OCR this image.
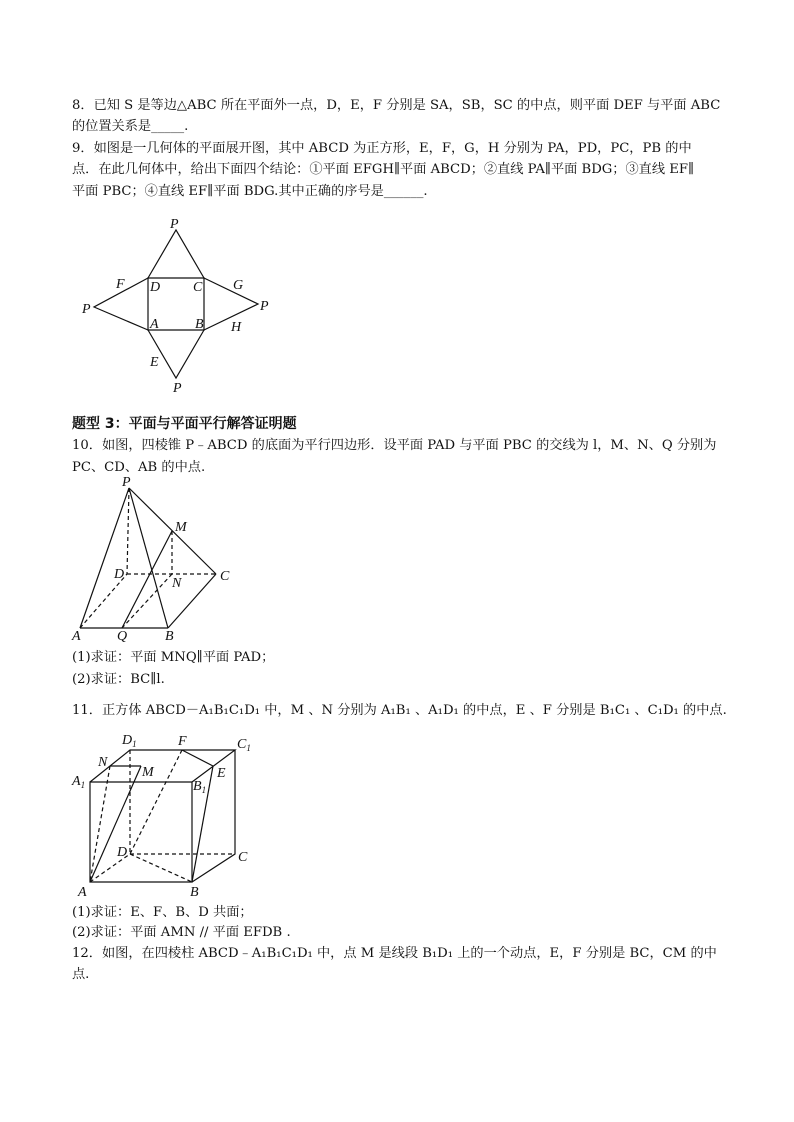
8．已知 S 是等边△ABC 所在平面外一点，D，E，F 分别是 SA，SB，SC 的中点，则平面 DEF 与平面 ABC
的位置关系是_____.
9．如图是一几何体的平面展开图，其中 ABCD 为正方形，E，F，G，H 分别为 PA，PD，PC，PB 的中
点．在此几何体中，给出下面四个结论：①平面 EFGH∥平面 ABCD；②直线 PA∥平面 BDG；③直线 EF∥
平面 PBC；④直线 EF∥平面 BDG.其中正确的序号是______.
P
P	P
P
D C
A	B
F	G
E
H
题型 3：平面与平面平行解答证明题
10．如图，四棱锥 P﹣ABCD 的底面为平行四边形．设平面 PAD 与平面 PBC 的交线为 l，M、N、Q 分别为
PC、CD、AB 的中点.
P
M
D
N	C
A	Q	B
(1)求证：平面 MNQ∥平面 PAD；
(2)求证：BC∥l.
11．正方体 ABCD－A₁B₁C₁D₁ 中，M 、N 分别为 A₁B₁ 、A₁D₁ 的中点，E 、F 分别是 B₁C₁ 、C₁D₁ 的中点.
$D_1$	F	$C_1$
$A_1$
N
M
$B_1$
E
D	C
A	B
(1)求证：E、F、B、D 共面；
(2)求证：平面 AMN // 平面 EFDB .
12．如图，在四棱柱 ABCD﹣A₁B₁C₁D₁ 中，点 M 是线段 B₁D₁ 上的一个动点，E，F 分别是 BC，CM 的中
点.
